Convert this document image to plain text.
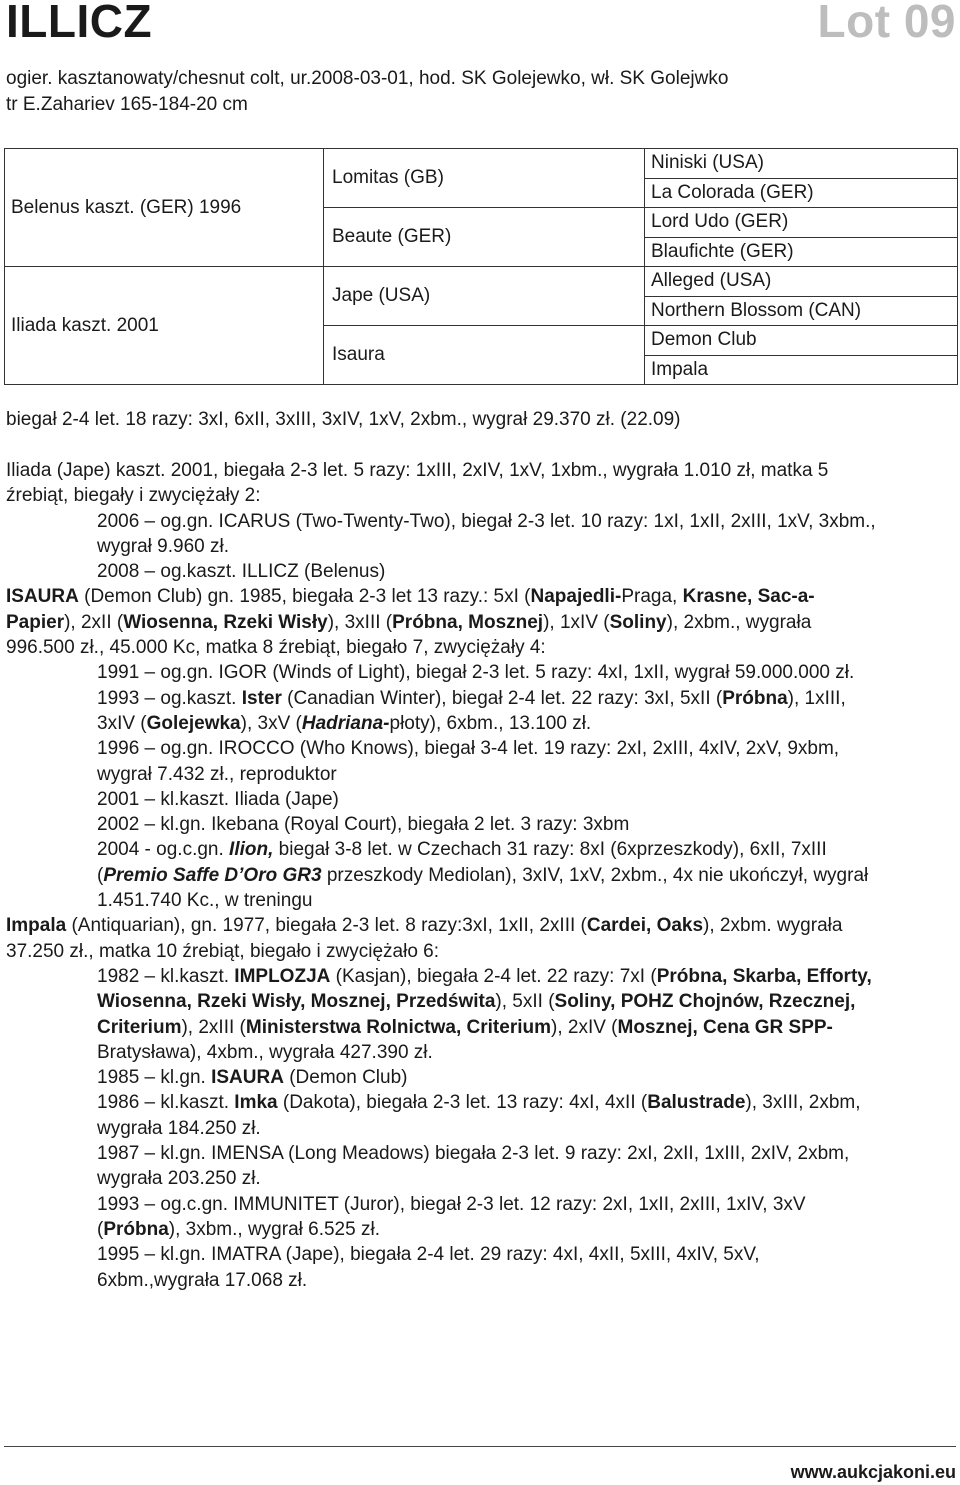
ILLICZ	Lot 09
ogier. kasztanowaty/chesnut colt, ur.2008-03-01, hod. SK Golejewko, wł. SK Golejwko
tr E.Zahariev 165-184-20 cm
Belenus kaszt. (GER) 1996	Lomitas (GB)	Niniski (USA)
		La Colorada (GER)
	Beaute (GER)	Lord Udo (GER)
		Blaufichte (GER)
Iliada kaszt. 2001	Jape (USA)	Alleged (USA)
		Northern Blossom (CAN)
	Isaura	Demon Club
		Impala
biegał 2-4 let. 18 razy: 3xI, 6xII, 3xIII, 3xIV, 1xV, 2xbm., wygrał 29.370 zł. (22.09)

Iliada (Jape) kaszt. 2001, biegała 2-3 let. 5 razy: 1xIII, 2xIV, 1xV, 1xbm., wygrała 1.010 zł, matka 5

źrebiąt, biegały i zwyciężały 2:

2006 – og.gn. ICARUS (Two-Twenty-Two), biegał 2-3 let. 10 razy: 1xI, 1xII, 2xIII, 1xV, 3xbm.,

wygrał 9.960 zł.

2008 – og.kaszt. ILLICZ (Belenus)

ISAURA (Demon Club) gn. 1985, biegała 2-3 let 13 razy.: 5xI (Napajedli-Praga, Krasne, Sac-a-

Papier), 2xII (Wiosenna, Rzeki Wisły), 3xIII (Próbna, Mosznej), 1xIV (Soliny), 2xbm., wygrała

996.500 zł., 45.000 Kc, matka 8 źrebiąt, biegało 7, zwyciężały 4:

1991 – og.gn. IGOR (Winds of Light), biegał 2-3 let. 5 razy: 4xI, 1xII, wygrał 59.000.000 zł.

1993 – og.kaszt. Ister (Canadian Winter), biegał 2-4 let. 22 razy: 3xI, 5xII (Próbna), 1xIII,

3xIV (Golejewka), 3xV (Hadriana-płoty), 6xbm., 13.100 zł.

1996 – og.gn. IROCCO (Who Knows), biegał 3-4 let. 19 razy: 2xI, 2xIII, 4xIV, 2xV, 9xbm,

wygrał 7.432 zł., reproduktor

2001 – kl.kaszt. Iliada (Jape)

2002 – kl.gn. Ikebana (Royal Court), biegała 2 let. 3 razy: 3xbm

2004 - og.c.gn. Ilion, biegał 3-8 let. w Czechach 31 razy: 8xI (6xprzeszkody), 6xII, 7xIII

(Premio Saffe D’Oro GR3 przeszkody Mediolan), 3xIV, 1xV, 2xbm., 4x nie ukończył, wygrał

1.451.740 Kc., w treningu

Impala (Antiquarian), gn. 1977, biegała 2-3 let. 8 razy:3xI, 1xII, 2xIII (Cardei, Oaks), 2xbm. wygrała

37.250 zł., matka 10 źrebiąt, biegało i zwyciężało 6:

1982 – kl.kaszt. IMPLOZJA (Kasjan), biegała 2-4 let. 22 razy: 7xI (Próbna, Skarba, Efforty,

Wiosenna, Rzeki Wisły, Mosznej, Przedświta), 5xII (Soliny, POHZ Chojnów, Rzecznej,

Criterium), 2xIII (Ministerstwa Rolnictwa, Criterium), 2xIV (Mosznej, Cena GR SPP-

Bratysława), 4xbm., wygrała 427.390 zł.

1985 – kl.gn. ISAURA (Demon Club)

1986 – kl.kaszt. Imka (Dakota), biegała 2-3 let. 13 razy: 4xI, 4xII (Balustrade), 3xIII, 2xbm,

wygrała 184.250 zł.

1987 – kl.gn. IMENSA (Long Meadows) biegała 2-3 let. 9 razy: 2xI, 2xII, 1xIII, 2xIV, 2xbm,

wygrała 203.250 zł.

1993 – og.c.gn. IMMUNITET (Juror), biegał 2-3 let. 12 razy: 2xI, 1xII, 2xIII, 1xIV, 3xV

(Próbna), 3xbm., wygrał 6.525 zł.

1995 – kl.gn. IMATRA (Jape), biegała 2-4 let. 29 razy: 4xI, 4xII, 5xIII, 4xIV, 5xV,

6xbm.,wygrała 17.068 zł.

www.aukcjakoni.eu
